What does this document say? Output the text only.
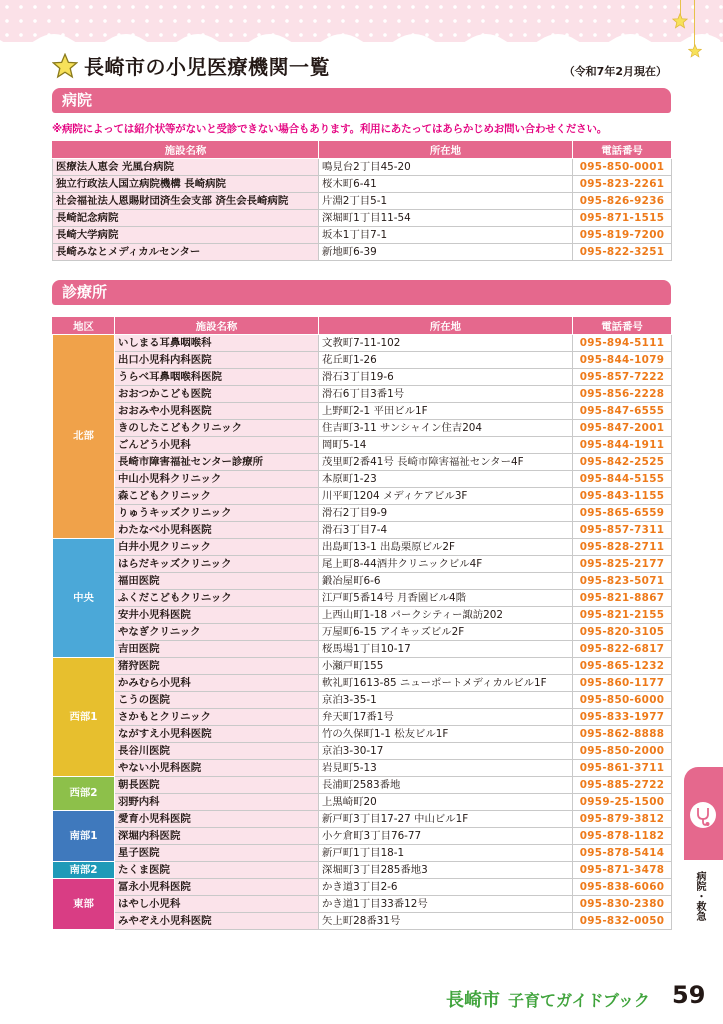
長崎市の小児医療機関一覧	（令和7年2月現在）
病院
※病院によっては紹介状等がないと受診できない場合もあります。利用にあたってはあらかじめお問い合わせください。
施設名称	所在地	電話番号
医療法人恵会 光風台病院	鳴見台2丁目45-20	095-850-0001
独立行政法人国立病院機構 長崎病院	桜木町6-41	095-823-2261
社会福祉法人恩賜財団済生会支部 済生会長崎病院	片淵2丁目5-1	095-826-9236
長崎記念病院	深堀町1丁目11-54	095-871-1515
長崎大学病院	坂本1丁目7-1	095-819-7200
長崎みなとメディカルセンター	新地町6-39	095-822-3251
診療所
地区	施設名称	所在地	電話番号
北部	いしまる耳鼻咽喉科	文教町7-11-102	095-894-5111
	出口小児科内科医院	花丘町1-26	095-844-1079
	うらべ耳鼻咽喉科医院	滑石3丁目19-6	095-857-7222
	おおつかこども医院	滑石6丁目3番1号	095-856-2228
	おおみや小児科医院	上野町2-1 平田ビル1F	095-847-6555
	きのしたこどもクリニック	住吉町3-11 サンシャイン住吉204	095-847-2001
	ごんどう小児科	岡町5-14	095-844-1911
	長崎市障害福祉センター診療所	茂里町2番41号 長崎市障害福祉センター4F	095-842-2525
	中山小児科クリニック	本原町1-23	095-844-5155
	森こどもクリニック	川平町1204 メディケアビル3F	095-843-1155
	りゅうキッズクリニック	滑石2丁目9-9	095-865-6559
	わたなべ小児科医院	滑石3丁目7-4	095-857-7311
中央	白井小児クリニック	出島町13-1 出島栗原ビル2F	095-828-2711
	はらだキッズクリニック	尾上町8-44酒井クリニックビル4F	095-825-2177
	福田医院	鍛冶屋町6-6	095-823-5071
	ふくだこどもクリニック	江戸町5番14号 月香園ビル4階	095-821-8867
	安井小児科医院	上西山町1-18 パークシティー諏訪202	095-821-2155
	やなぎクリニック	万屋町6-15 アイキッズビル2F	095-820-3105
	吉田医院	桜馬場1丁目10-17	095-822-6817
西部1	猪狩医院	小瀬戸町155	095-865-1232
	かみむら小児科	軟礼町1613-85 ニューポートメディカルビル1F	095-860-1177
	こうの医院	京泊3-35-1	095-850-6000
	さかもとクリニック	弁天町17番1号	095-833-1977
	ながすえ小児科医院	竹の久保町1-1 松友ビル1F	095-862-8888
	長谷川医院	京泊3-30-17	095-850-2000
	やない小児科医院	岩見町5-13	095-861-3711
西部2	朝長医院	長浦町2583番地	095-885-2722
	羽野内科	上黒崎町20	0959-25-1500
南部1	愛育小児科医院	新戸町3丁目17-27 中山ビル1F	095-879-3812
	深堀内科医院	小ケ倉町3丁目76-77	095-878-1182
	星子医院	新戸町1丁目18-1	095-878-5414
南部2	たくま医院	深堀町3丁目285番地3	095-871-3478
東部	冨永小児科医院	かき道3丁目2-6	095-838-6060
	はやし小児科	かき道1丁目33番12号	095-830-2380
	みやぞえ小児科医院	矢上町28番31号	095-832-0050	病院・救急
長崎市 子育てガイドブック 59
